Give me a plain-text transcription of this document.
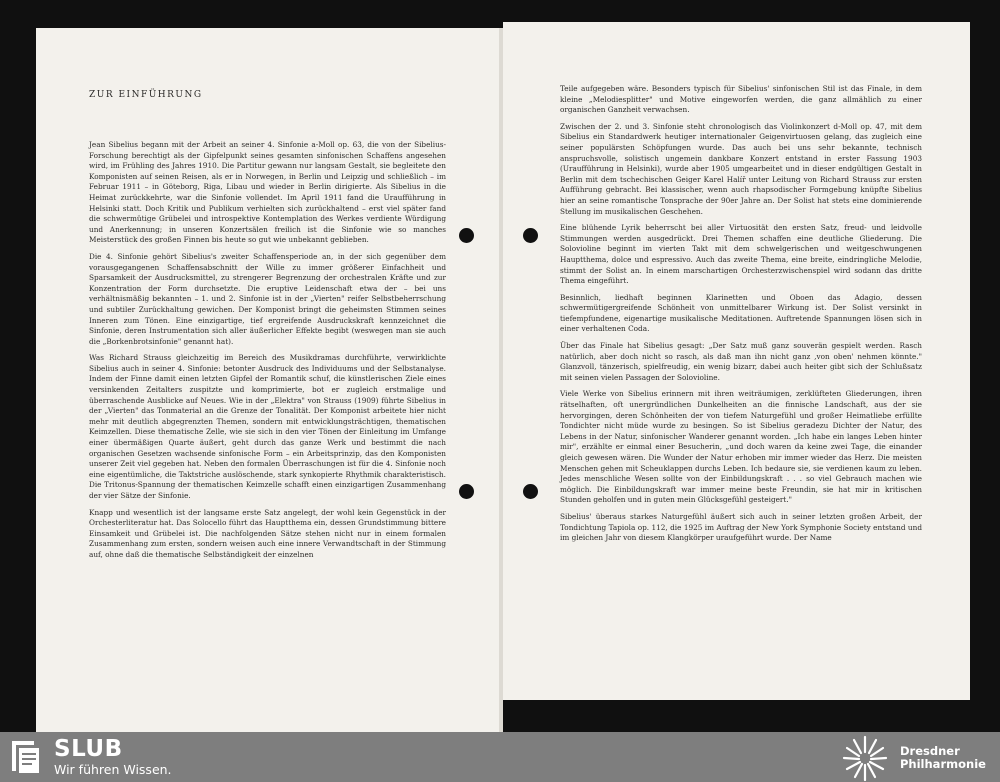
ZUR EINFÜHRUNG

Jean Sibelius begann mit der Arbeit an seiner 4. Sinfonie a-Moll op. 63, die von der Sibelius-Forschung berechtigt als der Gipfelpunkt seines gesamten sinfonischen Schaffens angesehen wird, im Frühling des Jahres 1910. Die Partitur gewann nur langsam Gestalt, sie begleitete den Komponisten auf seinen Reisen, als er in Norwegen, in Berlin und Leipzig und schließlich – im Februar 1911 – in Göteborg, Riga, Libau und wieder in Berlin dirigierte. Als Sibelius in die Heimat zurückkehrte, war die Sinfonie vollendet. Im April 1911 fand die Uraufführung in Helsinki statt. Doch Kritik und Publikum verhielten sich zurückhaltend – erst viel später fand die schwermütige Grübelei und introspektive Kontemplation des Werkes verdiente Würdigung und Anerkennung; in unseren Konzertsälen freilich ist die Sinfonie wie so manches Meisterstück des großen Finnen bis heute so gut wie unbekannt geblieben.

Die 4. Sinfonie gehört Sibelius's zweiter Schaffensperiode an, in der sich gegenüber dem vorausgegangenen Schaffensabschnitt der Wille zu immer größerer Einfachheit und Sparsamkeit der Ausdrucksmittel, zu strengerer Begrenzung der orchestralen Kräfte und zur Konzentration der Form durchsetzte. Die eruptive Leidenschaft etwa der – bei uns verhältnismäßig bekannten – 1. und 2. Sinfonie ist in der „Vierten" reifer Selbstbeherrschung und subtiler Zurückhaltung gewichen. Der Komponist bringt die geheimsten Stimmen seines Inneren zum Tönen. Eine einzigartige, tief ergreifende Ausdruckskraft kennzeichnet die Sinfonie, deren Instrumentation sich aller äußerlicher Effekte begibt (weswegen man sie auch die „Borkenbrotsinfonie" genannt hat).

Was Richard Strauss gleichzeitig im Bereich des Musikdramas durchführte, verwirklichte Sibelius auch in seiner 4. Sinfonie: betonter Ausdruck des Individuums und der Selbstanalyse. Indem der Finne damit einen letzten Gipfel der Romantik schuf, die künstlerischen Ziele eines versinkenden Zeitalters zuspitzte und komprimierte, bot er zugleich erstmalige und überraschende Ausblicke auf Neues. Wie in der „Elektra" von Strauss (1909) führte Sibelius in der „Vierten" das Tonmaterial an die Grenze der Tonalität. Der Komponist arbeitete hier nicht mehr mit deutlich abgegrenzten Themen, sondern mit entwicklungsträchtigen, thematischen Keimzellen. Diese thematische Zelle, wie sie sich in den vier Tönen der Einleitung im Umfange einer übermäßigen Quarte äußert, geht durch das ganze Werk und bestimmt die nach organischen Gesetzen wachsende sinfonische Form – ein Arbeitsprinzip, das den Komponisten unserer Zeit viel gegeben hat. Neben den formalen Überraschungen ist für die 4. Sinfonie noch eine eigentümliche, die Taktstriche auslöschende, stark synkopierte Rhythmik charakteristisch. Die Tritonus-Spannung der thematischen Keimzelle schafft einen einzigartigen Zusammenhang der vier Sätze der Sinfonie.

Knapp und wesentlich ist der langsame erste Satz angelegt, der wohl kein Gegenstück in der Orchesterliteratur hat. Das Solocello führt das Hauptthema ein, dessen Grundstimmung bittere Einsamkeit und Grübelei ist. Die nachfolgenden Sätze stehen nicht nur in einem formalen Zusammenhang zum ersten, sondern weisen auch eine innere Verwandtschaft in der Stimmung auf, ohne daß die thematische Selbständigkeit der einzelnen

Teile aufgegeben wäre. Besonders typisch für Sibelius' sinfonischen Stil ist das Finale, in dem kleine „Melodiesplitter" und Motive eingeworfen werden, die ganz allmählich zu einer organischen Ganzheit verwachsen.

Zwischen der 2. und 3. Sinfonie steht chronologisch das Violinkonzert d-Moll op. 47, mit dem Sibelius ein Standardwerk heutiger internationaler Geigenvirtuosen gelang, das zugleich eine seiner populärsten Schöpfungen wurde. Das auch bei uns sehr bekannte, technisch anspruchsvolle, solistisch ungemein dankbare Konzert entstand in erster Fassung 1903 (Uraufführung in Helsinki), wurde aber 1905 umgearbeitet und in dieser endgültigen Gestalt in Berlin mit dem tschechischen Geiger Karel Halíř unter Leitung von Richard Strauss zur ersten Aufführung gebracht. Bei klassischer, wenn auch rhapsodischer Formgebung knüpfte Sibelius hier an seine romantische Tonsprache der 90er Jahre an. Der Solist hat stets eine dominierende Stellung im musikalischen Geschehen.

Eine blühende Lyrik beherrscht bei aller Virtuosität den ersten Satz, freud- und leidvolle Stimmungen werden ausgedrückt. Drei Themen schaffen eine deutliche Gliederung. Die Solovioline beginnt im vierten Takt mit dem schwelgerischen und weitgeschwungenen Hauptthema, dolce und espressivo. Auch das zweite Thema, eine breite, eindringliche Melodie, stimmt der Solist an. In einem marschartigen Orchesterzwischenspiel wird sodann das dritte Thema eingeführt.

Besinnlich, liedhaft beginnen Klarinetten und Oboen das Adagio, dessen schwermütigergreifende Schönheit von unmittelbarer Wirkung ist. Der Solist versinkt in tiefempfundene, eigenartige musikalische Meditationen. Auftretende Spannungen lösen sich in einer verhaltenen Coda.

Über das Finale hat Sibelius gesagt: „Der Satz muß ganz souverän gespielt werden. Rasch natürlich, aber doch nicht so rasch, als daß man ihn nicht ganz ‚von oben' nehmen könnte." Glanzvoll, tänzerisch, spielfreudig, ein wenig bizarr, dabei auch heiter gibt sich der Schlußsatz mit seinen vielen Passagen der Solovioline.

Viele Werke von Sibelius erinnern mit ihren weiträumigen, zerklüfteten Gliederungen, ihren rätselhaften, oft unergründlichen Dunkelheiten an die finnische Landschaft, aus der sie hervorgingen, deren Schönheiten der von tiefem Naturgefühl und großer Heimatliebe erfüllte Tondichter nicht müde wurde zu besingen. So ist Sibelius geradezu Dichter der Natur, des Lebens in der Natur, sinfonischer Wanderer genannt worden. „Ich habe ein langes Leben hinter mir", erzählte er einmal einer Besucherin, „und doch waren da keine zwei Tage, die einander gleich gewesen wären. Die Wunder der Natur erhoben mir immer wieder das Herz. Die meisten Menschen gehen mit Scheuklappen durchs Leben. Ich bedaure sie, sie verdienen kaum zu leben. Jedes menschliche Wesen sollte von der Einbildungskraft . . . so viel Gebrauch machen wie möglich. Die Einbildungskraft war immer meine beste Freundin, sie hat mir in kritischen Stunden geholfen und in guten mein Glücksgefühl gesteigert."

Sibelius' überaus starkes Naturgefühl äußert sich auch in seiner letzten großen Arbeit, der Tondichtung Tapiola op. 112, die 1925 im Auftrag der New York Symphonie Society entstand und im gleichen Jahr von diesem Klangkörper uraufgeführt wurde. Der Name

SLUB
Wir führen Wissen.
Dresdner
Philharmonie
